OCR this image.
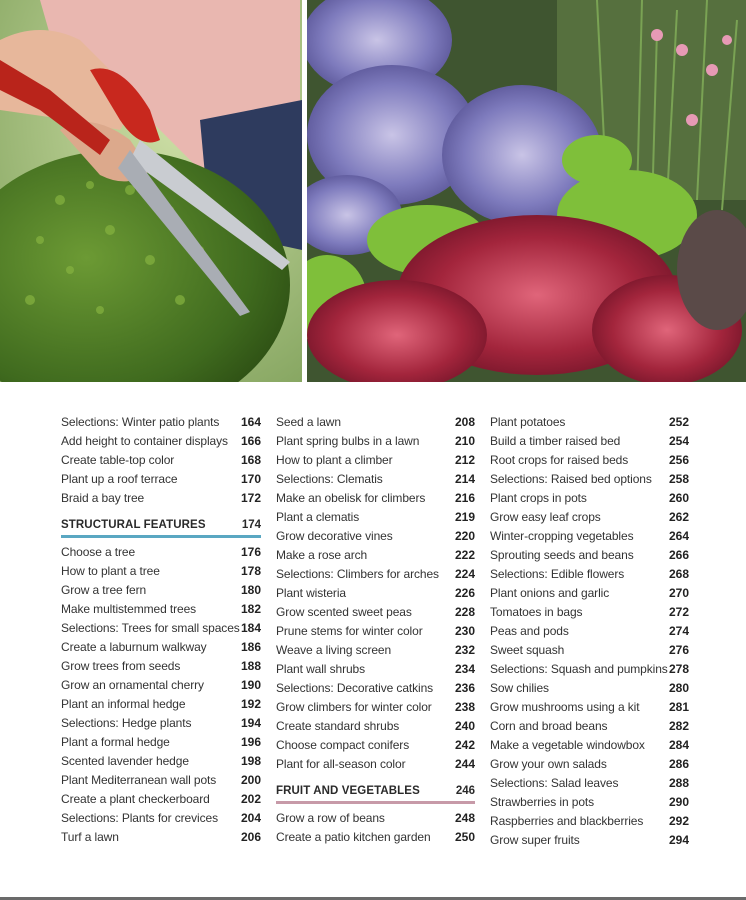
Selections: Winter patio plants 164
Add height to container displays 166
Create table-top color	168
Plant up a roof terrace	170
Braid a bay tree	172
STRUCTURAL FEATURES	174
Choose a tree	176
How to plant a tree	178
Grow a tree fern	180
Make multistemmed trees	182
Selections: Trees for small spaces 184
Create a laburnum walkway	186
Grow trees from seeds	188
Grow an ornamental cherry	190
Plant an informal hedge	192
Selections: Hedge plants	194
Plant a formal hedge	196
Scented lavender hedge	198
Plant Mediterranean wall pots 200
Create a plant checkerboard	202
Selections: Plants for crevices 204
Turf a lawn	206
Seed a lawn	208
Plant spring bulbs in a lawn	210
How to plant a climber	212
Selections: Clematis	214
Make an obelisk for climbers 216
Plant a clematis	219
Grow decorative vines	220
Make a rose arch	222
Selections: Climbers for arches 224
Plant wisteria	226
Grow scented sweet peas	228
Prune stems for winter color	230
Weave a living screen	232
Plant wall shrubs	234
Selections: Decorative catkins 236
Grow climbers for winter color 238
Create standard shrubs	240
Choose compact conifers	242
Plant for all-season color	244
FRUIT AND VEGETABLES	246
Grow a row of beans	248
Create a patio kitchen garden 250
Plant potatoes	252
Build a timber raised bed	254
Root crops for raised beds	256
Selections: Raised bed options 258
Plant crops in pots	260
Grow easy leaf crops	262
Winter-cropping vegetables	264
Sprouting seeds and beans	266
Selections: Edible flowers	268
Plant onions and garlic	270
Tomatoes in bags	272
Peas and pods	274
Sweet squash	276
Selections: Squash and pumpkins 278
Sow chilies	280
Grow mushrooms using a kit 281
Corn and broad beans	282
Make a vegetable windowbox 284
Grow your own salads	286
Selections: Salad leaves	288
Strawberries in pots	290
Raspberries and blackberries 292
Grow super fruits	294
